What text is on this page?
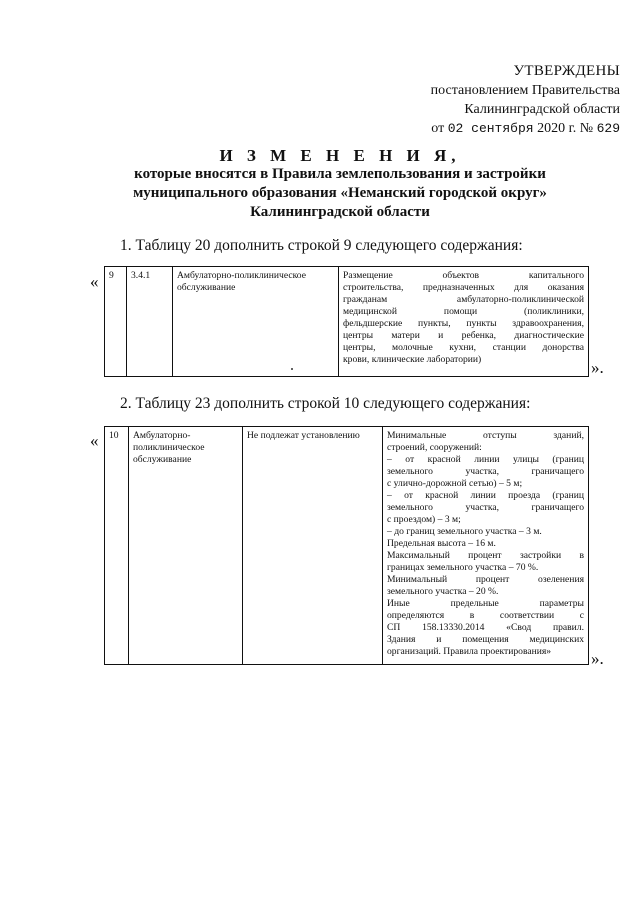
УТВЕРЖДЕНЫ
постановлением Правительства
Калининградской области
от 02 сентября 2020 г. № 629
И З М Е Н Е Н И Я,
которые вносятся в Правила землепользования и застройки
муниципального образования «Неманский городской округ»
Калининградской области
1. Таблицу 20 дополнить строкой 9 следующего содержания:
« 9	3.4.1	Амбулаторно-поликлиническое обслуживание	
Размещение объектов капитального
строительства, предназначенных для оказания
гражданам амбулаторно-поликлинической
медицинской помощи (поликлиники,
фельдшерские пункты, пункты здравоохранения,
центры матери и ребенка, диагностические
центры, молочные кухни, станции донорства
крови, клинические лаборатории)	».
2. Таблицу 23 дополнить строкой 10 следующего содержания:
« 10	Амбулаторно-поликлиническое обслуживание	Не подлежат установлению	Минимальные отступы зданий,
строений, сооружений:
– от красной линии улицы (границ
земельного участка, граничащего
с улично-дорожной сетью) – 5 м;
– от красной линии проезда (границ
земельного участка, граничащего
с проездом) – 3 м;
– до границ земельного участка – 3 м.
Предельная высота – 16 м.
Максимальный процент застройки в
границах земельного участка – 70 %.
Минимальный процент озеленения
земельного участка – 20 %.
Иные предельные параметры
определяются в соответствии с
СП 158.13330.2014 «Свод правил.
Здания и помещения медицинских
организаций. Правила проектирования»	».
